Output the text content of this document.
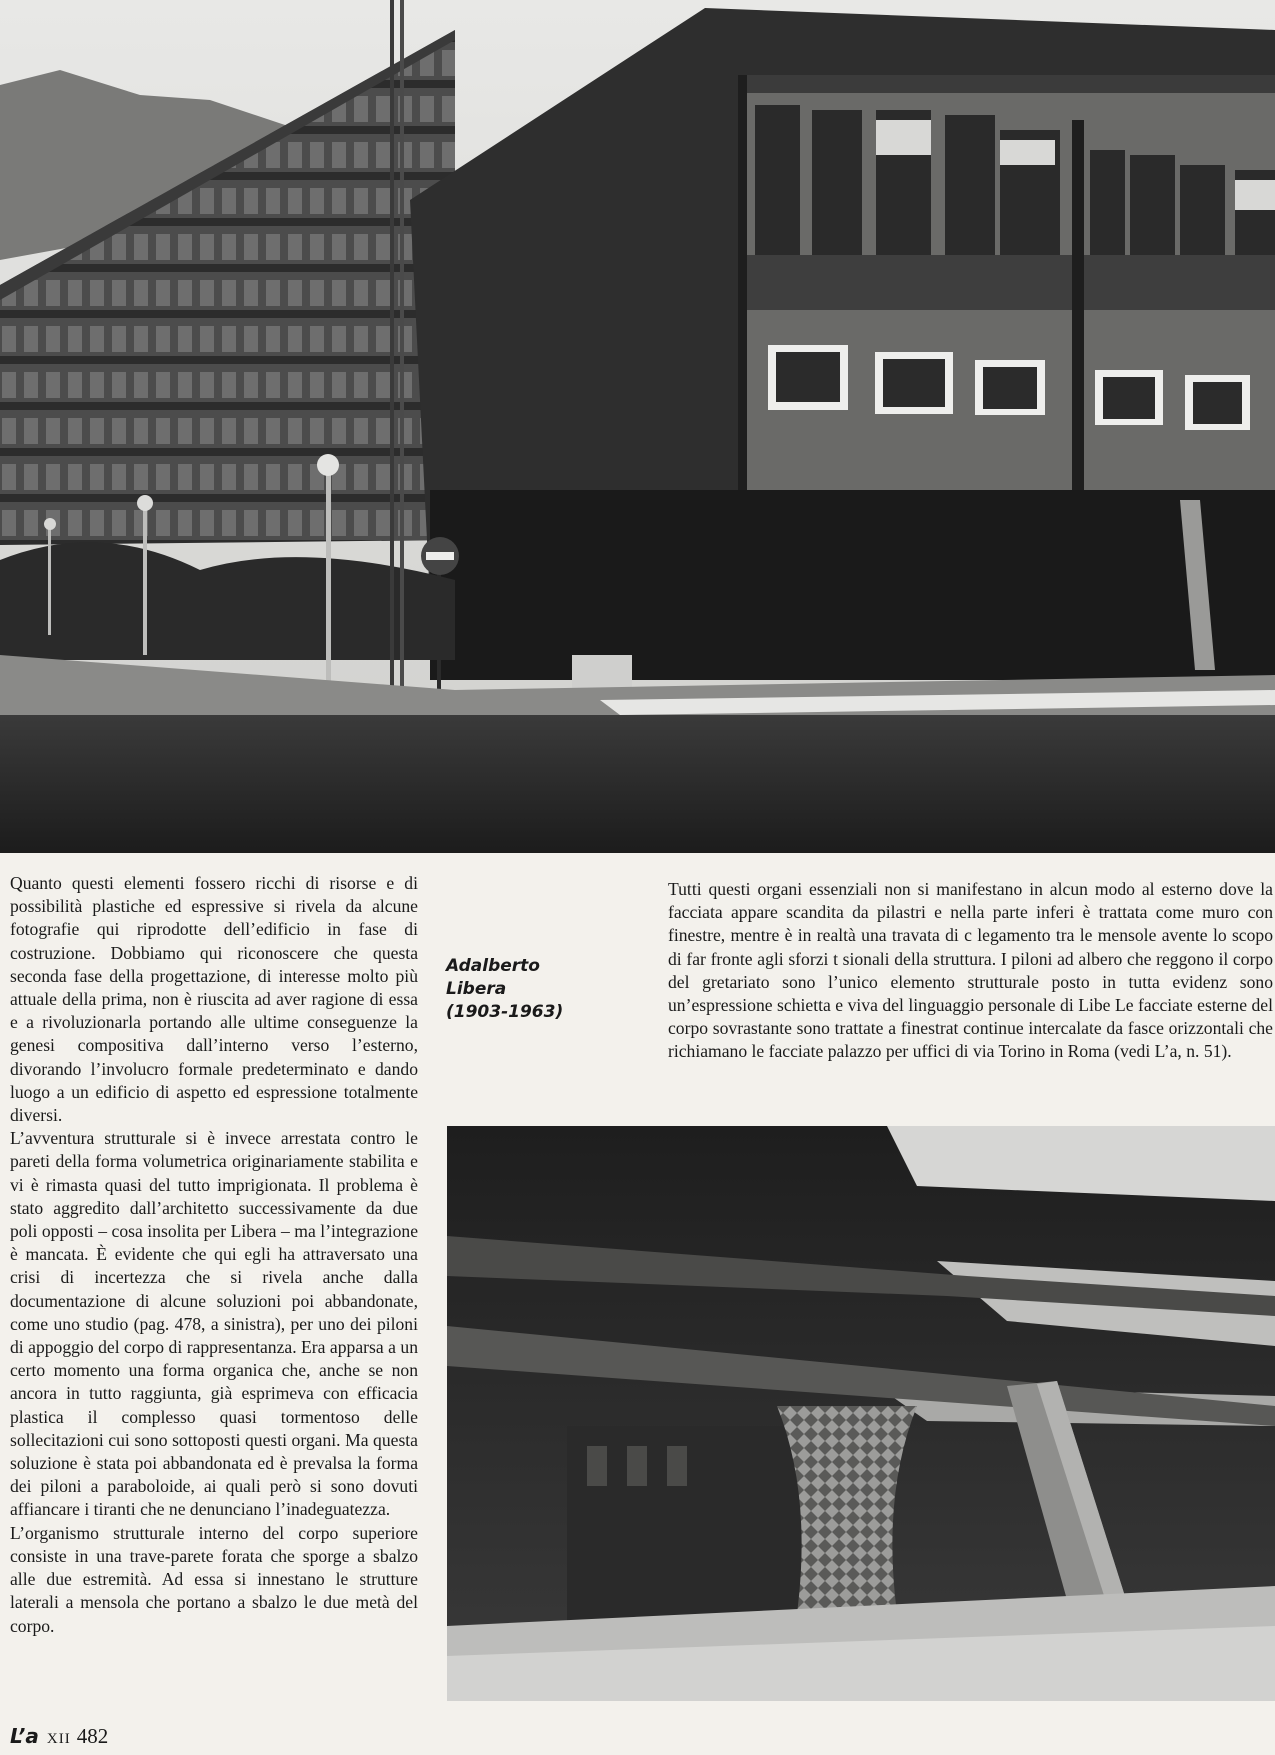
Quanto questi elementi fossero ricchi di risorse e di possibilità plastiche ed espressive si rivela da alcune fotografie qui riprodotte dell’edificio in fase di costruzione. Dobbiamo qui riconoscere che questa seconda fase della progettazione, di interesse molto più attuale della prima, non è riuscita ad aver ragione di essa e a rivoluzionarla portando alle ultime conseguenze la genesi compositiva dall’interno verso l’esterno, divorando l’involucro formale predeterminato e dando luogo a un edificio di aspetto ed espressione totalmente diversi.

L’avventura strutturale si è invece arrestata contro le pareti della forma volumetrica originariamente stabilita e vi è rimasta quasi del tutto imprigionata. Il problema è stato aggredito dall’architetto successivamente da due poli opposti – cosa insolita per Libera – ma l’integrazione è mancata. È evidente che qui egli ha attraversato una crisi di incertezza che si rivela anche dalla documentazione di alcune soluzioni poi abbandonate, come uno studio (pag. 478, a sinistra), per uno dei piloni di appoggio del corpo di rappresentanza. Era apparsa a un certo momento una forma organica che, anche se non ancora in tutto raggiunta, già esprimeva con efficacia plastica il complesso quasi tormentoso delle sollecitazioni cui sono sottoposti questi organi. Ma questa soluzione è stata poi abbandonata ed è prevalsa la forma dei piloni a paraboloide, ai quali però si sono dovuti affiancare i tiranti che ne denunciano l’inadeguatezza.

L’organismo strutturale interno del corpo superiore consiste in una trave-parete forata che sporge a sbalzo alle due estremità. Ad essa si innestano le strutture laterali a mensola che portano a sbalzo le due metà del corpo.

Adalberto
Libera
(1903-1963)

Tutti questi organi essenziali non si manifestano in alcun modo al esterno dove la facciata appare scandita da pilastri e nella parte inferi è trattata come muro con finestre, mentre è in realtà una travata di c legamento tra le mensole avente lo scopo di far fronte agli sforzi t sionali della struttura. I piloni ad albero che reggono il corpo del gretariato sono l’unico elemento strutturale posto in tutta evidenz sono un’espressione schietta e viva del linguaggio personale di Libe Le facciate esterne del corpo sovrastante sono trattate a finestrat continue intercalate da fasce orizzontali che richiamano le facciate palazzo per uffici di via Torino in Roma (vedi L’a, n. 51).

L’a XII 482
